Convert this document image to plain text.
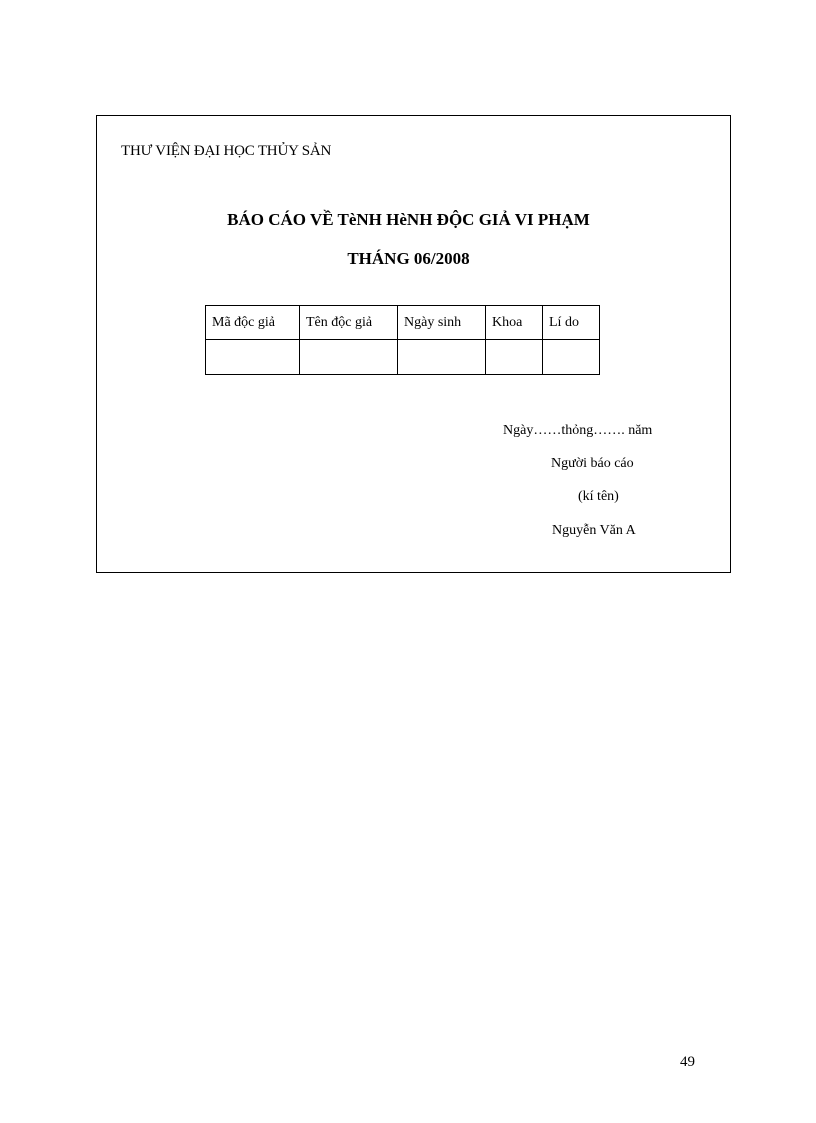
THƯ VIỆN ĐẠI HỌC THỦY SẢN
BÁO CÁO VỀ TèNH HèNH ĐỘC GIẢ VI PHẠM
THÁNG 06/2008
Mã độc giả	Tên độc giả	Ngày sinh	Khoa	Lí do

Ngày……thỏng……. năm
Người báo cáo
(kí tên)
Nguyễn Văn A
49
